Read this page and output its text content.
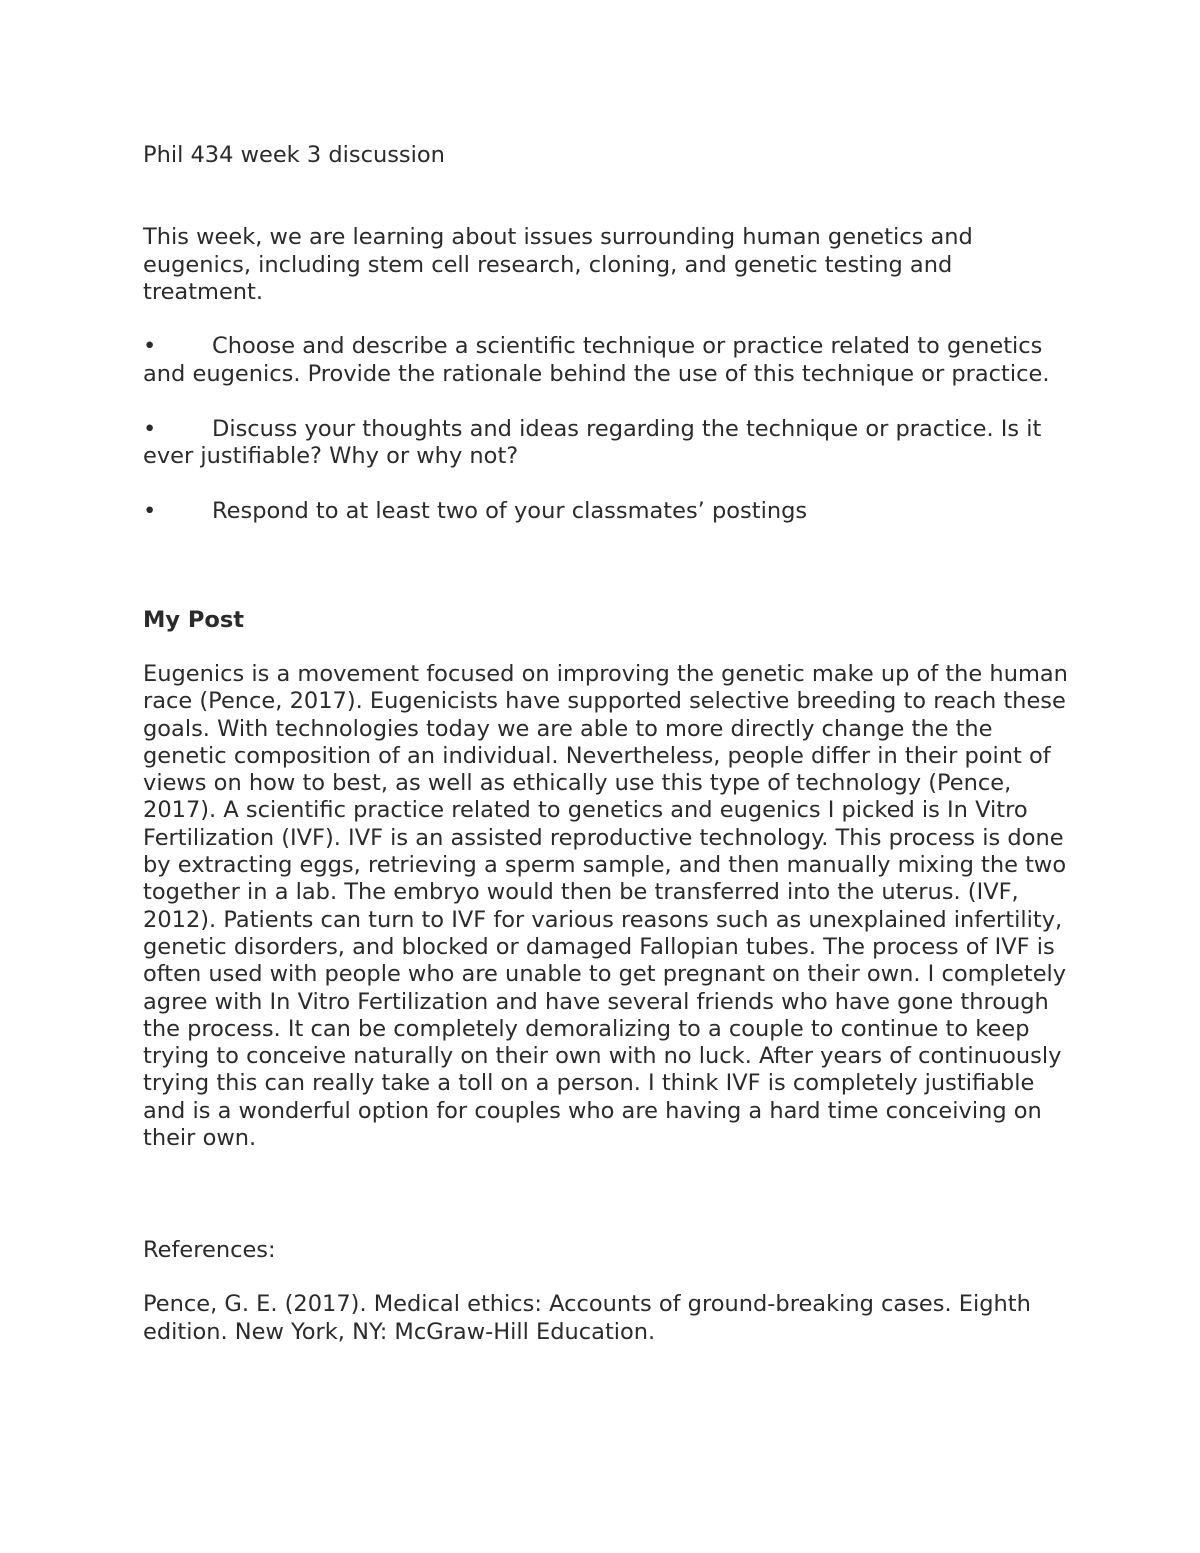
Phil 434 week 3 discussion

This week, we are learning about issues surrounding human genetics and eugenics, including stem cell research, cloning, and genetic testing and treatment.

• Choose and describe a scientific technique or practice related to genetics and eugenics. Provide the rationale behind the use of this technique or practice.
• Discuss your thoughts and ideas regarding the technique or practice. Is it ever justifiable? Why or why not?
• Respond to at least two of your classmates’ postings
My Post

Eugenics is a movement focused on improving the genetic make up of the human race (Pence, 2017). Eugenicists have supported selective breeding to reach these goals. With technologies today we are able to more directly change the the genetic composition of an individual. Nevertheless, people differ in their point of views on how to best, as well as ethically use this type of technology (Pence, 2017). A scientific practice related to genetics and eugenics I picked is In Vitro Fertilization (IVF). IVF is an assisted reproductive technology. This process is done by extracting eggs, retrieving a sperm sample, and then manually mixing the two together in a lab. The embryo would then be transferred into the uterus. (IVF, 2012). Patients can turn to IVF for various reasons such as unexplained infertility, genetic disorders, and blocked or damaged Fallopian tubes. The process of IVF is often used with people who are unable to get pregnant on their own. I completely agree with In Vitro Fertilization and have several friends who have gone through the process. It can be completely demoralizing to a couple to continue to keep trying to conceive naturally on their own with no luck. After years of continuously trying this can really take a toll on a person. I think IVF is completely justifiable and is a wonderful option for couples who are having a hard time conceiving on their own.

References:

Pence, G. E. (2017). Medical ethics: Accounts of ground-breaking cases. Eighth edition. New York, NY: McGraw-Hill Education.
